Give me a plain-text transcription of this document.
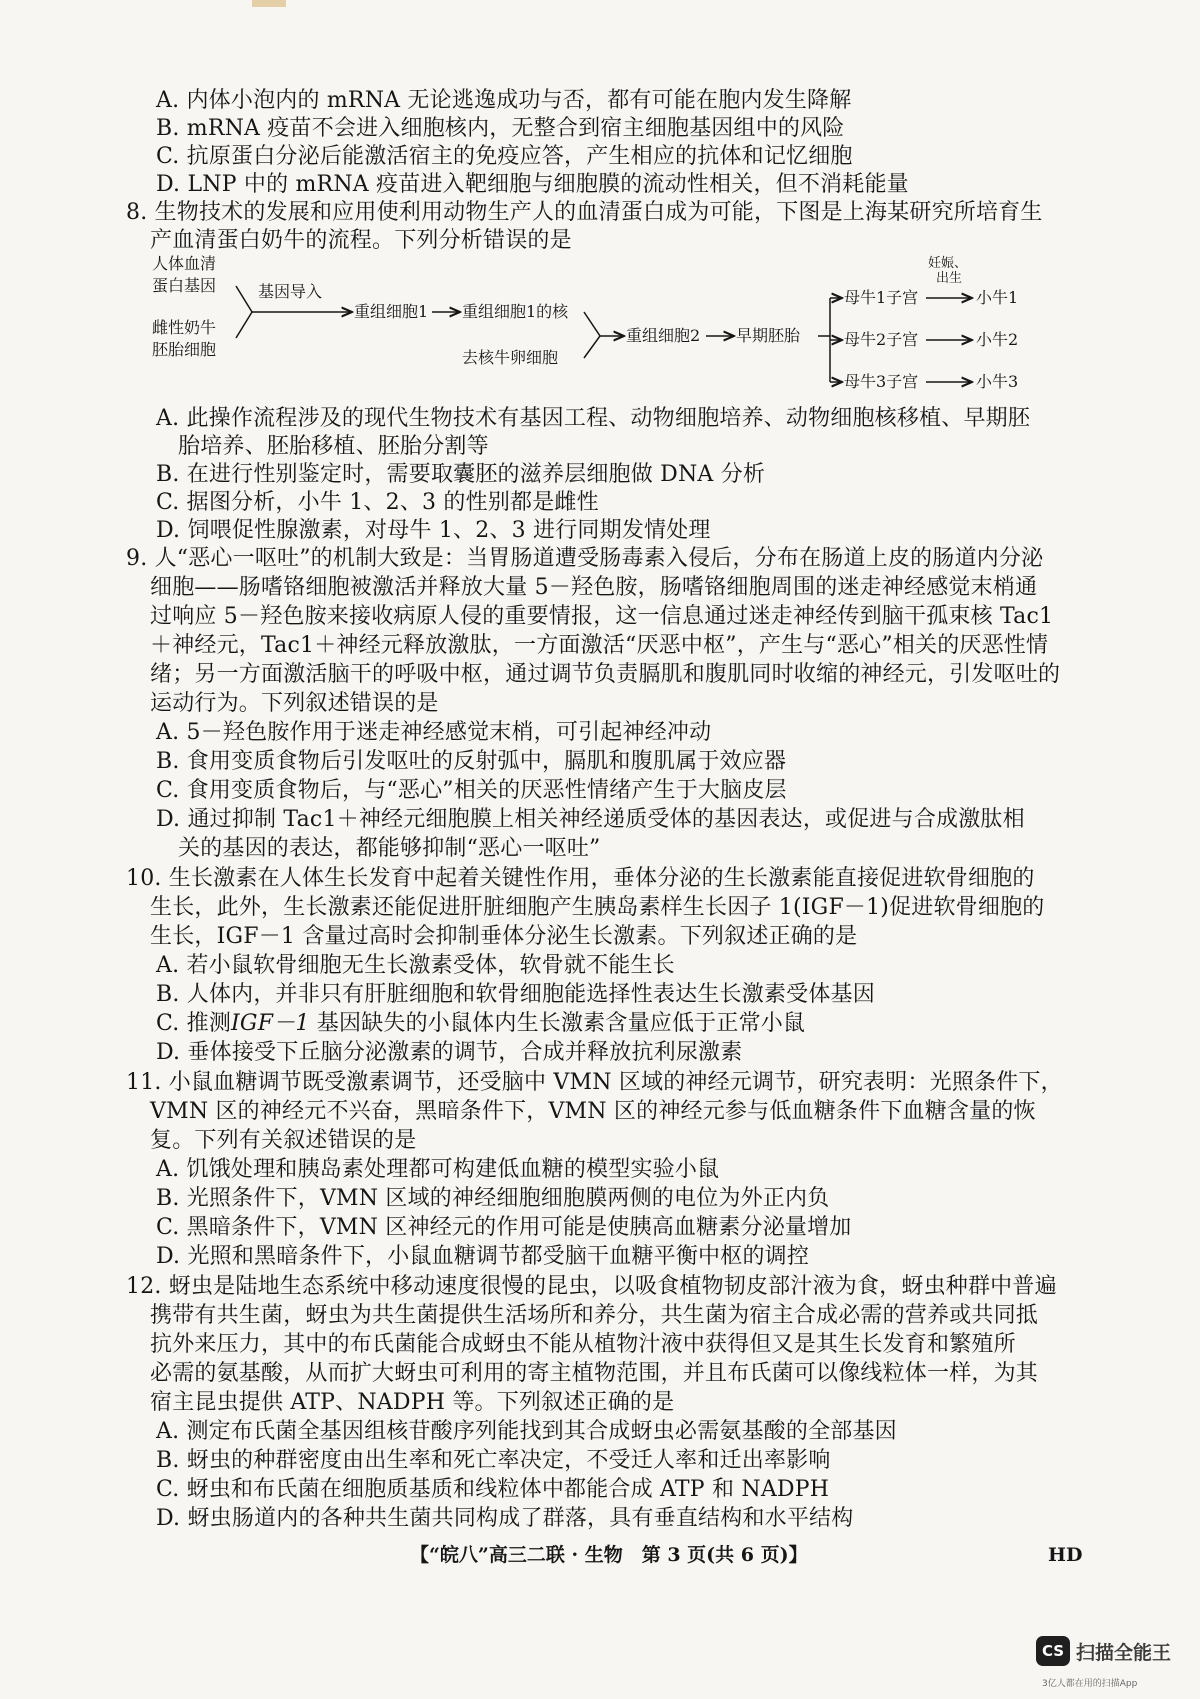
A. 内体小泡内的 mRNA 无论逃逸成功与否，都有可能在胞内发生降解
B. mRNA 疫苗不会进入细胞核内，无整合到宿主细胞基因组中的风险
C. 抗原蛋白分泌后能激活宿主的免疫应答，产生相应的抗体和记忆细胞
D. LNP 中的 mRNA 疫苗进入靶细胞与细胞膜的流动性相关，但不消耗能量
8. 生物技术的发展和应用使利用动物生产人的血清蛋白成为可能，下图是上海某研究所培育生
产血清蛋白奶牛的流程。下列分析错误的是
人体血清
蛋白基因
雌性奶牛
胚胎细胞
基因导入
重组细胞1 重组细胞1的核
去核牛卵细胞
重组细胞2 早期胚胎
母牛1子宫
母牛2子宫
母牛3子宫
妊娠、
出生
小牛1
小牛2
小牛3
A. 此操作流程涉及的现代生物技术有基因工程、动物细胞培养、动物细胞核移植、早期胚
胎培养、胚胎移植、胚胎分割等
B. 在进行性别鉴定时，需要取囊胚的滋养层细胞做 DNA 分析
C. 据图分析，小牛 1、2、3 的性别都是雌性
D. 饲喂促性腺激素，对母牛 1、2、3 进行同期发情处理
9. 人“恶心一呕吐”的机制大致是：当胃肠道遭受肠毒素入侵后，分布在肠道上皮的肠道内分泌
细胞——肠嗜铬细胞被激活并释放大量 5－羟色胺，肠嗜铬细胞周围的迷走神经感觉末梢通
过响应 5－羟色胺来接收病原人侵的重要情报，这一信息通过迷走神经传到脑干孤束核 Tac1
＋神经元，Tac1＋神经元释放激肽，一方面激活“厌恶中枢”，产生与“恶心”相关的厌恶性情
绪；另一方面激活脑干的呼吸中枢，通过调节负责膈肌和腹肌同时收缩的神经元，引发呕吐的
运动行为。下列叙述错误的是
A. 5－羟色胺作用于迷走神经感觉末梢，可引起神经冲动
B. 食用变质食物后引发呕吐的反射弧中，膈肌和腹肌属于效应器
C. 食用变质食物后，与“恶心”相关的厌恶性情绪产生于大脑皮层
D. 通过抑制 Tac1＋神经元细胞膜上相关神经递质受体的基因表达，或促进与合成激肽相
关的基因的表达，都能够抑制“恶心一呕吐”
10. 生长激素在人体生长发育中起着关键性作用，垂体分泌的生长激素能直接促进软骨细胞的
生长，此外，生长激素还能促进肝脏细胞产生胰岛素样生长因子 1(IGF－1)促进软骨细胞的
生长，IGF－1 含量过高时会抑制垂体分泌生长激素。下列叙述正确的是
A. 若小鼠软骨细胞无生长激素受体，软骨就不能生长
B. 人体内，并非只有肝脏细胞和软骨细胞能选择性表达生长激素受体基因
C. 推测IGF－1 基因缺失的小鼠体内生长激素含量应低于正常小鼠
D. 垂体接受下丘脑分泌激素的调节，合成并释放抗利尿激素
11. 小鼠血糖调节既受激素调节，还受脑中 VMN 区域的神经元调节，研究表明：光照条件下，
VMN 区的神经元不兴奋，黑暗条件下，VMN 区的神经元参与低血糖条件下血糖含量的恢
复。下列有关叙述错误的是
A. 饥饿处理和胰岛素处理都可构建低血糖的模型实验小鼠
B. 光照条件下，VMN 区域的神经细胞细胞膜两侧的电位为外正内负
C. 黑暗条件下，VMN 区神经元的作用可能是使胰高血糖素分泌量增加
D. 光照和黑暗条件下，小鼠血糖调节都受脑干血糖平衡中枢的调控
12. 蚜虫是陆地生态系统中移动速度很慢的昆虫，以吸食植物韧皮部汁液为食，蚜虫种群中普遍
携带有共生菌，蚜虫为共生菌提供生活场所和养分，共生菌为宿主合成必需的营养或共同抵
抗外来压力，其中的布氏菌能合成蚜虫不能从植物汁液中获得但又是其生长发育和繁殖所
必需的氨基酸，从而扩大蚜虫可利用的寄主植物范围，并且布氏菌可以像线粒体一样，为其
宿主昆虫提供 ATP、NADPH 等。下列叙述正确的是
A. 测定布氏菌全基因组核苷酸序列能找到其合成蚜虫必需氨基酸的全部基因
B. 蚜虫的种群密度由出生率和死亡率决定，不受迁人率和迁出率影响
C. 蚜虫和布氏菌在细胞质基质和线粒体中都能合成 ATP 和 NADPH
D. 蚜虫肠道内的各种共生菌共同构成了群落，具有垂直结构和水平结构
【“皖八”高三二联 · 生物　第 3 页(共 6 页)】	HD
CS 扫描全能王
3亿人都在用的扫描App
